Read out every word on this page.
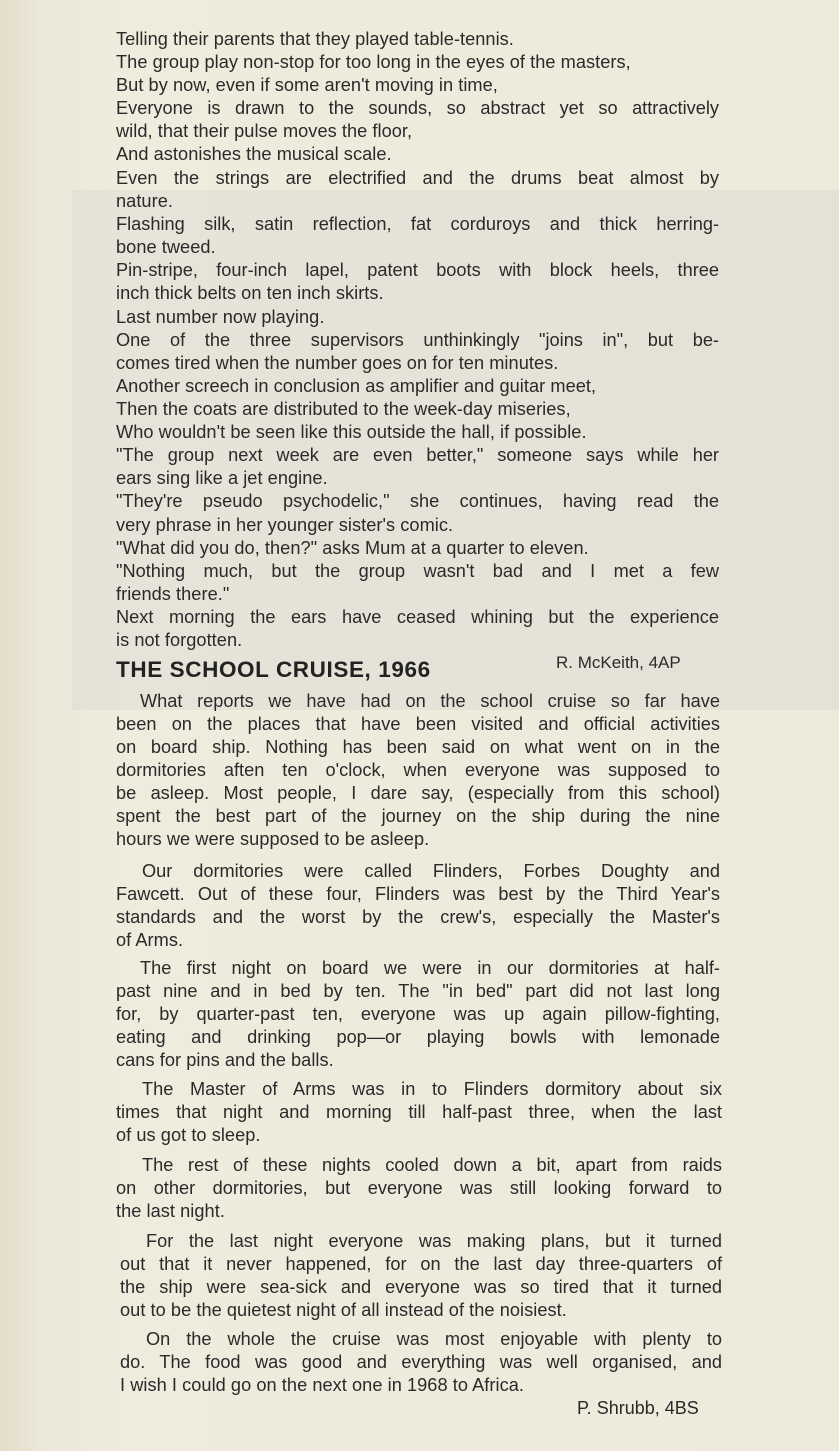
Telling their parents that they played table-tennis.
The group play non-stop for too long in the eyes of the masters,
But by now, even if some aren't moving in time,
Everyone is drawn to the sounds, so abstract yet so attractively
wild, that their pulse moves the floor,
And astonishes the musical scale.
Even the strings are electrified and the drums beat almost by
nature.
Flashing silk, satin reflection, fat corduroys and thick herring-
bone tweed.
Pin-stripe, four-inch lapel, patent boots with block heels, three
inch thick belts on ten inch skirts.
Last number now playing.
One of the three supervisors unthinkingly "joins in", but be-
comes tired when the number goes on for ten minutes.
Another screech in conclusion as amplifier and guitar meet,
Then the coats are distributed to the week-day miseries,
Who wouldn't be seen like this outside the hall, if possible.
"The group next week are even better," someone says while her
ears sing like a jet engine.
"They're pseudo psychodelic," she continues, having read the
very phrase in her younger sister's comic.
"What did you do, then?" asks Mum at a quarter to eleven.
"Nothing much, but the group wasn't bad and I met a few
friends there."
Next morning the ears have ceased whining but the experience
is not forgotten.
THE SCHOOL CRUISE, 1966	R. McKeith, 4AP
What reports we have had on the school cruise so far have
been on the places that have been visited and official activities
on board ship. Nothing has been said on what went on in the
dormitories aften ten o'clock, when everyone was supposed to
be asleep. Most people, I dare say, (especially from this school)
spent the best part of the journey on the ship during the nine
hours we were supposed to be asleep.
Our dormitories were called Flinders, Forbes Doughty and
Fawcett. Out of these four, Flinders was best by the Third Year's
standards and the worst by the crew's, especially the Master's
of Arms.
The first night on board we were in our dormitories at half-
past nine and in bed by ten. The "in bed" part did not last long
for, by quarter-past ten, everyone was up again pillow-fighting,
eating and drinking pop—or playing bowls with lemonade
cans for pins and the balls.
The Master of Arms was in to Flinders dormitory about six
times that night and morning till half-past three, when the last
of us got to sleep.
The rest of these nights cooled down a bit, apart from raids
on other dormitories, but everyone was still looking forward to
the last night.
For the last night everyone was making plans, but it turned
out that it never happened, for on the last day three-quarters of
the ship were sea-sick and everyone was so tired that it turned
out to be the quietest night of all instead of the noisiest.
On the whole the cruise was most enjoyable with plenty to
do. The food was good and everything was well organised, and
I wish I could go on the next one in 1968 to Africa.
P. Shrubb, 4BS
